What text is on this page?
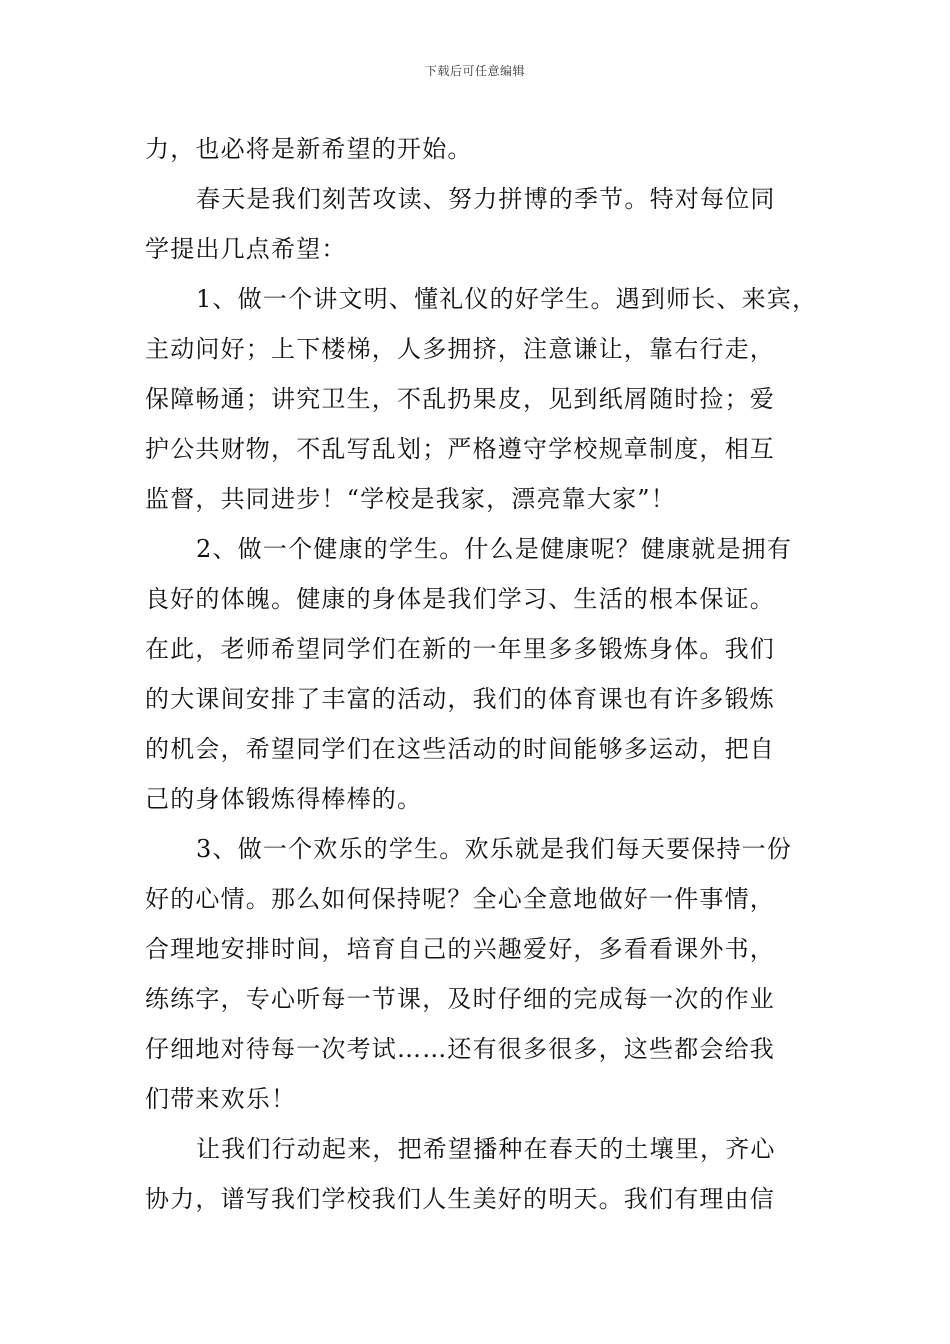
下载后可任意编辑
力，也必将是新希望的开始。
春天是我们刻苦攻读、努力拼博的季节。特对每位同
学提出几点希望：
1、做一个讲文明、懂礼仪的好学生。遇到师长、来宾，
主动问好；上下楼梯，人多拥挤，注意谦让，靠右行走，
保障畅通；讲究卫生，不乱扔果皮，见到纸屑随时捡；爱
护公共财物，不乱写乱划；严格遵守学校规章制度，相互
监督，共同进步！“学校是我家，漂亮靠大家”！
2、做一个健康的学生。什么是健康呢？健康就是拥有
良好的体魄。健康的身体是我们学习、生活的根本保证。
在此，老师希望同学们在新的一年里多多锻炼身体。我们
的大课间安排了丰富的活动，我们的体育课也有许多锻炼
的机会，希望同学们在这些活动的时间能够多运动，把自
己的身体锻炼得棒棒的。
3、做一个欢乐的学生。欢乐就是我们每天要保持一份
好的心情。那么如何保持呢？全心全意地做好一件事情，
合理地安排时间，培育自己的兴趣爱好，多看看课外书，
练练字，专心听每一节课，及时仔细的完成每一次的作业
仔细地对待每一次考试……还有很多很多，这些都会给我
们带来欢乐！
让我们行动起来，把希望播种在春天的土壤里，齐心
协力，谱写我们学校我们人生美好的明天。我们有理由信
